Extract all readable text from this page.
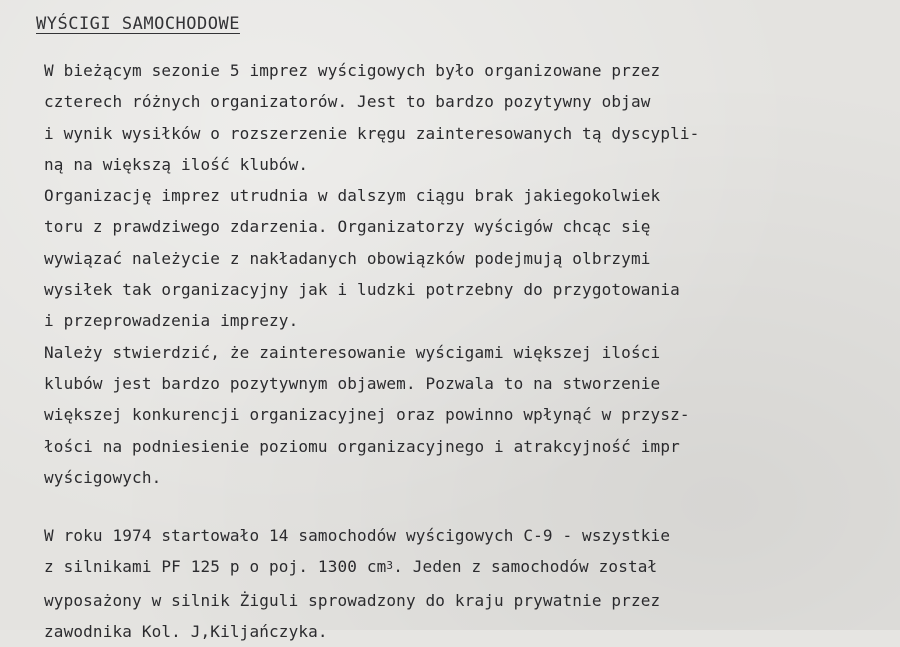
WYŚCIGI SAMOCHODOWE
W bieżącym sezonie 5 imprez wyścigowych było organizowane przez
czterech różnych organizatorów. Jest to bardzo pozytywny objaw
i wynik wysiłków o rozszerzenie kręgu zainteresowanych tą dyscypli-
ną na większą ilość klubów.
Organizację imprez utrudnia w dalszym ciągu brak jakiegokolwiek
toru z prawdziwego zdarzenia. Organizatorzy wyścigów chcąc się
wywiązać należycie z nakładanych obowiązków podejmują olbrzymi
wysiłek tak organizacyjny jak i ludzki potrzebny do przygotowania
i przeprowadzenia imprezy.
Należy stwierdzić, że zainteresowanie wyścigami większej ilości
klubów jest bardzo pozytywnym objawem. Pozwala to na stworzenie
większej konkurencji organizacyjnej oraz powinno wpłynąć w przysz-
łości na podniesienie poziomu organizacyjnego i atrakcyjność impr
wyścigowych.
W roku 1974 startowało 14 samochodów wyścigowych C-9 - wszystkie
z silnikami PF 125 p o poj. 1300 $cm^3$. Jeden z samochodów został
wyposażony w silnik Żiguli sprowadzony do kraju prywatnie przez
zawodnika Kol. J,Kiljańczyka.
